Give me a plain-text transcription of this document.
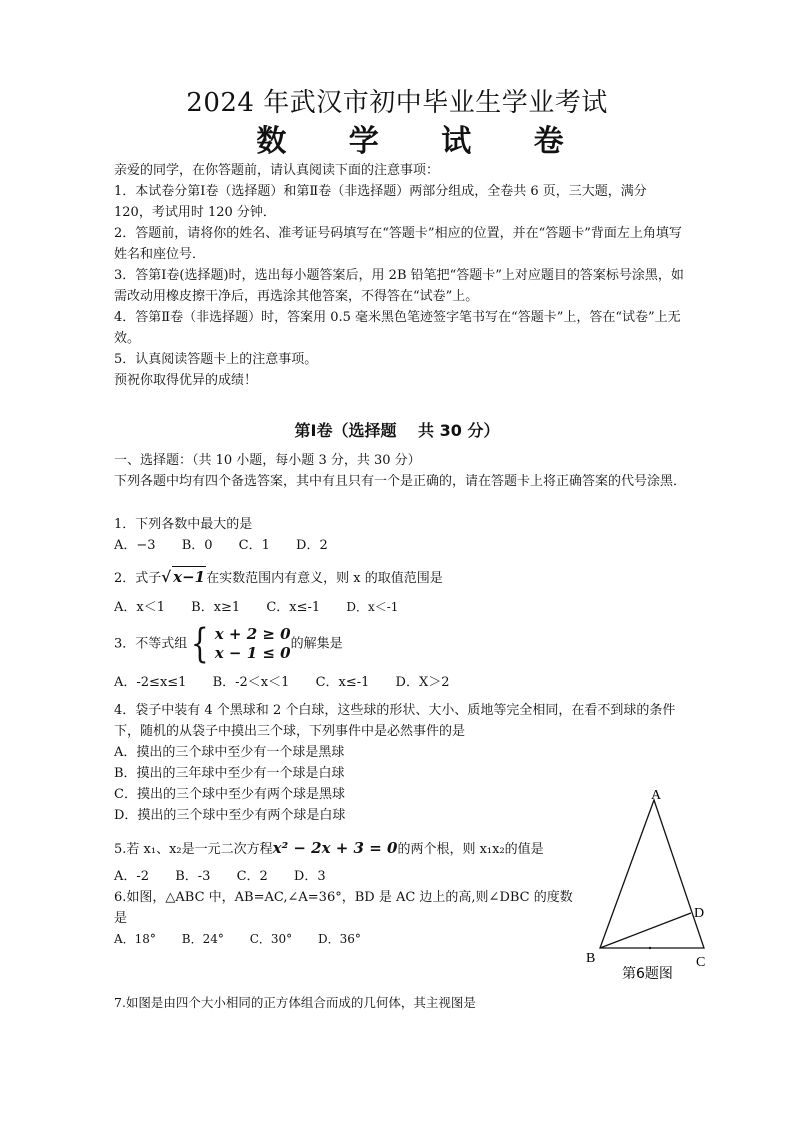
2024 年武汉市初中毕业生学业考试
数 学 试 卷

亲爱的同学，在你答题前，请认真阅读下面的注意事项：

1．本试卷分第Ⅰ卷（选择题）和第Ⅱ卷（非选择题）两部分组成，全卷共 6 页，三大题，满分 120，考试用时 120 分钟．

2．答题前，请将你的姓名、准考证号码填写在“答题卡”相应的位置，并在“答题卡”背面左上角填写姓名和座位号．

3．答第Ⅰ卷(选择题)时，选出每小题答案后，用 2B 铅笔把“答题卡”上对应题目的答案标号涂黑，如需改动用橡皮擦干净后，再选涂其他答案，不得答在“试卷”上。

4．答第Ⅱ卷（非选择题）时，答案用 0.5 毫米黑色笔迹签字笔书写在“答题卡”上，答在“试卷”上无效。

5．认真阅读答题卡上的注意事项。

预祝你取得优异的成绩！

第Ⅰ卷（选择题　 共 30 分）

一、选择题：（共 10 小题，每小题 3 分，共 30 分）

下列各题中均有四个备选答案，其中有且只有一个是正确的，请在答题卡上将正确答案的代号涂黑．

1．下列各数中最大的是

A．−3 B．0 C．1 D．2

2．式子√ x−1在实数范围内有意义，则 x 的取值范围是

A．x＜1 B．x≥1 C．x≤-1 D．x＜-1

3．不等式组 { x + 2 ≥ 0
x − 1 ≤ 0 的解集是

A．-2≤x≤1 B．-2＜x＜1 C．x≤-1 D．X＞2

4．袋子中装有 4 个黑球和 2 个白球，这些球的形状、大小、质地等完全相同，在看不到球的条件下，随机的从袋子中摸出三个球，下列事件中是必然事件的是

A．摸出的三个球中至少有一个球是黑球

B．摸出的三年球中至少有一个球是白球

C．摸出的三个球中至少有两个球是黑球

D．摸出的三个球中至少有两个球是白球

5.若 x₁、x₂是一元二次方程x² − 2x + 3 = 0的两个根，则 x₁x₂的值是

A．-2 B．-3 C．2 D．3

6.如图，△ABC 中，AB=AC,∠A=36°，BD 是 AC 边上的高,则∠DBC 的度数是

A．18° B．24° C．30° D．36°

A
B	C
D
第6题图

7.如图是由四个大小相同的正方体组合而成的几何体，其主视图是
